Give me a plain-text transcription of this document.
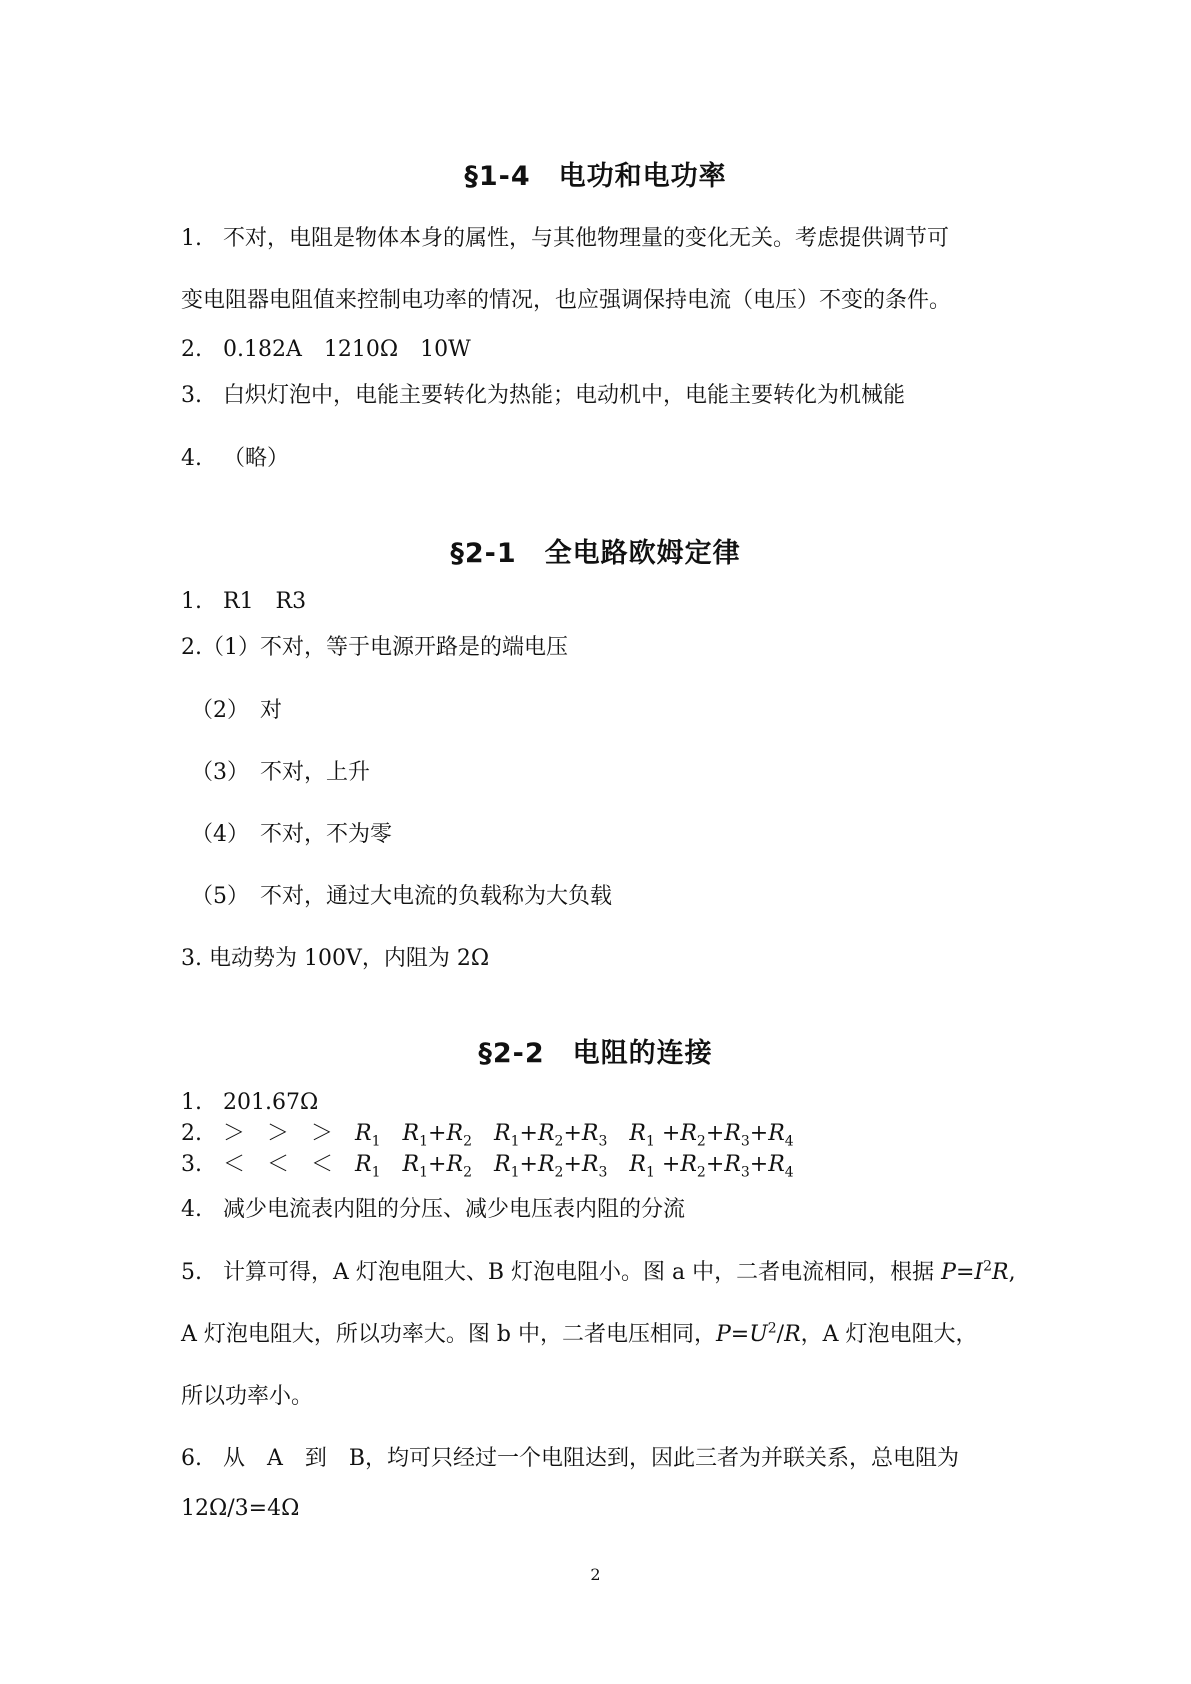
§1-4　电功和电功率
1. 不对，电阻是物体本身的属性，与其他物理量的变化无关。考虑提供调节可
变电阻器电阻值来控制电功率的情况，也应强调保持电流（电压）不变的条件。
2. 0.182A　1210Ω　10W
3. 白炽灯泡中，电能主要转化为热能；电动机中，电能主要转化为机械能
4. （略）
§2-1　全电路欧姆定律
1. R1　R3
2.（1）不对，等于电源开路是的端电压
（2）　对
（3）　不对，上升
（4）　不对，不为零
（5）　不对，通过大电流的负载称为大负载
3. 电动势为 100V，内阻为 2Ω
§2-2　电阻的连接
1. 201.67Ω
2. ＞　＞　＞　 $R_1$　 $R_1+R_2$　 $R_1+R_2+R_3$　 $R_1 +R_2+R_3+R_4$
3. ＜　＜　＜　 $R_1$　 $R_1+R_2$　 $R_1+R_2+R_3$　 $R_1 +R_2+R_3+R_4$
4. 减少电流表内阻的分压、减少电压表内阻的分流
5. 计算可得，A 灯泡电阻大、B 灯泡电阻小。图 a 中，二者电流相同，根据 $P=I^2R$,
A 灯泡电阻大，所以功率大。图 b 中，二者电压相同，$P=U^2/R$，A 灯泡电阻大，
所以功率小。
6. 从　A　到　B，均可只经过一个电阻达到，因此三者为并联关系，总电阻为
12Ω/3=4Ω
2
